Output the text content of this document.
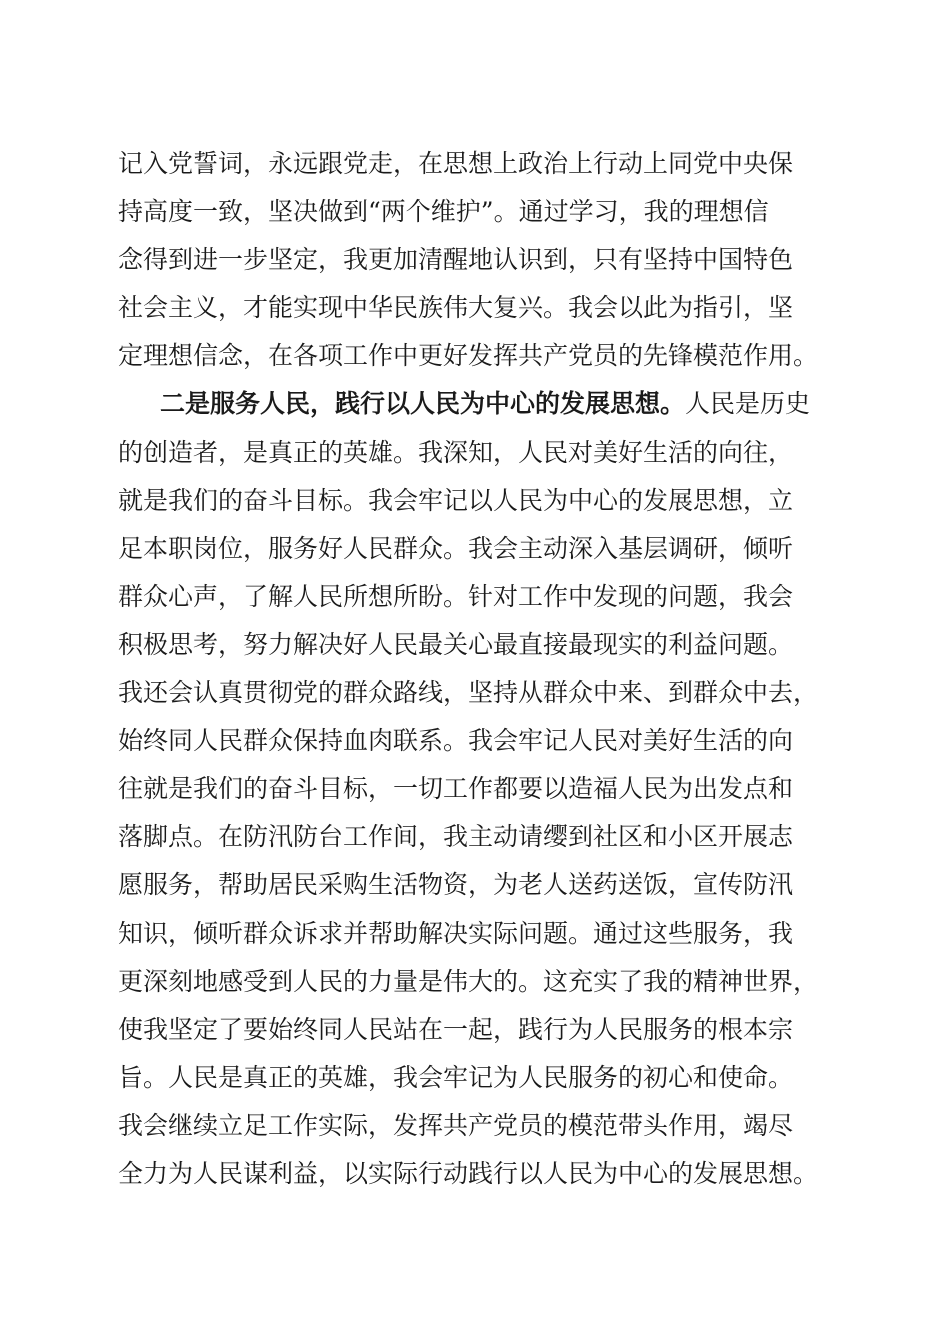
记入党誓词，永远跟党走，在思想上政治上行动上同党中央保
持高度一致，坚决做到“两个维护”。通过学习，我的理想信
念得到进一步坚定，我更加清醒地认识到，只有坚持中国特色
社会主义，才能实现中华民族伟大复兴。我会以此为指引，坚
定理想信念，在各项工作中更好发挥共产党员的先锋模范作用。
二是服务人民，践行以人民为中心的发展思想。人民是历史
的创造者，是真正的英雄。我深知，人民对美好生活的向往，
就是我们的奋斗目标。我会牢记以人民为中心的发展思想，立
足本职岗位，服务好人民群众。我会主动深入基层调研，倾听
群众心声，了解人民所想所盼。针对工作中发现的问题，我会
积极思考，努力解决好人民最关心最直接最现实的利益问题。
我还会认真贯彻党的群众路线，坚持从群众中来、到群众中去，
始终同人民群众保持血肉联系。我会牢记人民对美好生活的向
往就是我们的奋斗目标，一切工作都要以造福人民为出发点和
落脚点。在防汛防台工作间，我主动请缨到社区和小区开展志
愿服务，帮助居民采购生活物资，为老人送药送饭，宣传防汛
知识，倾听群众诉求并帮助解决实际问题。通过这些服务，我
更深刻地感受到人民的力量是伟大的。这充实了我的精神世界，
使我坚定了要始终同人民站在一起，践行为人民服务的根本宗
旨。人民是真正的英雄，我会牢记为人民服务的初心和使命。
我会继续立足工作实际，发挥共产党员的模范带头作用，竭尽
全力为人民谋利益，以实际行动践行以人民为中心的发展思想。
